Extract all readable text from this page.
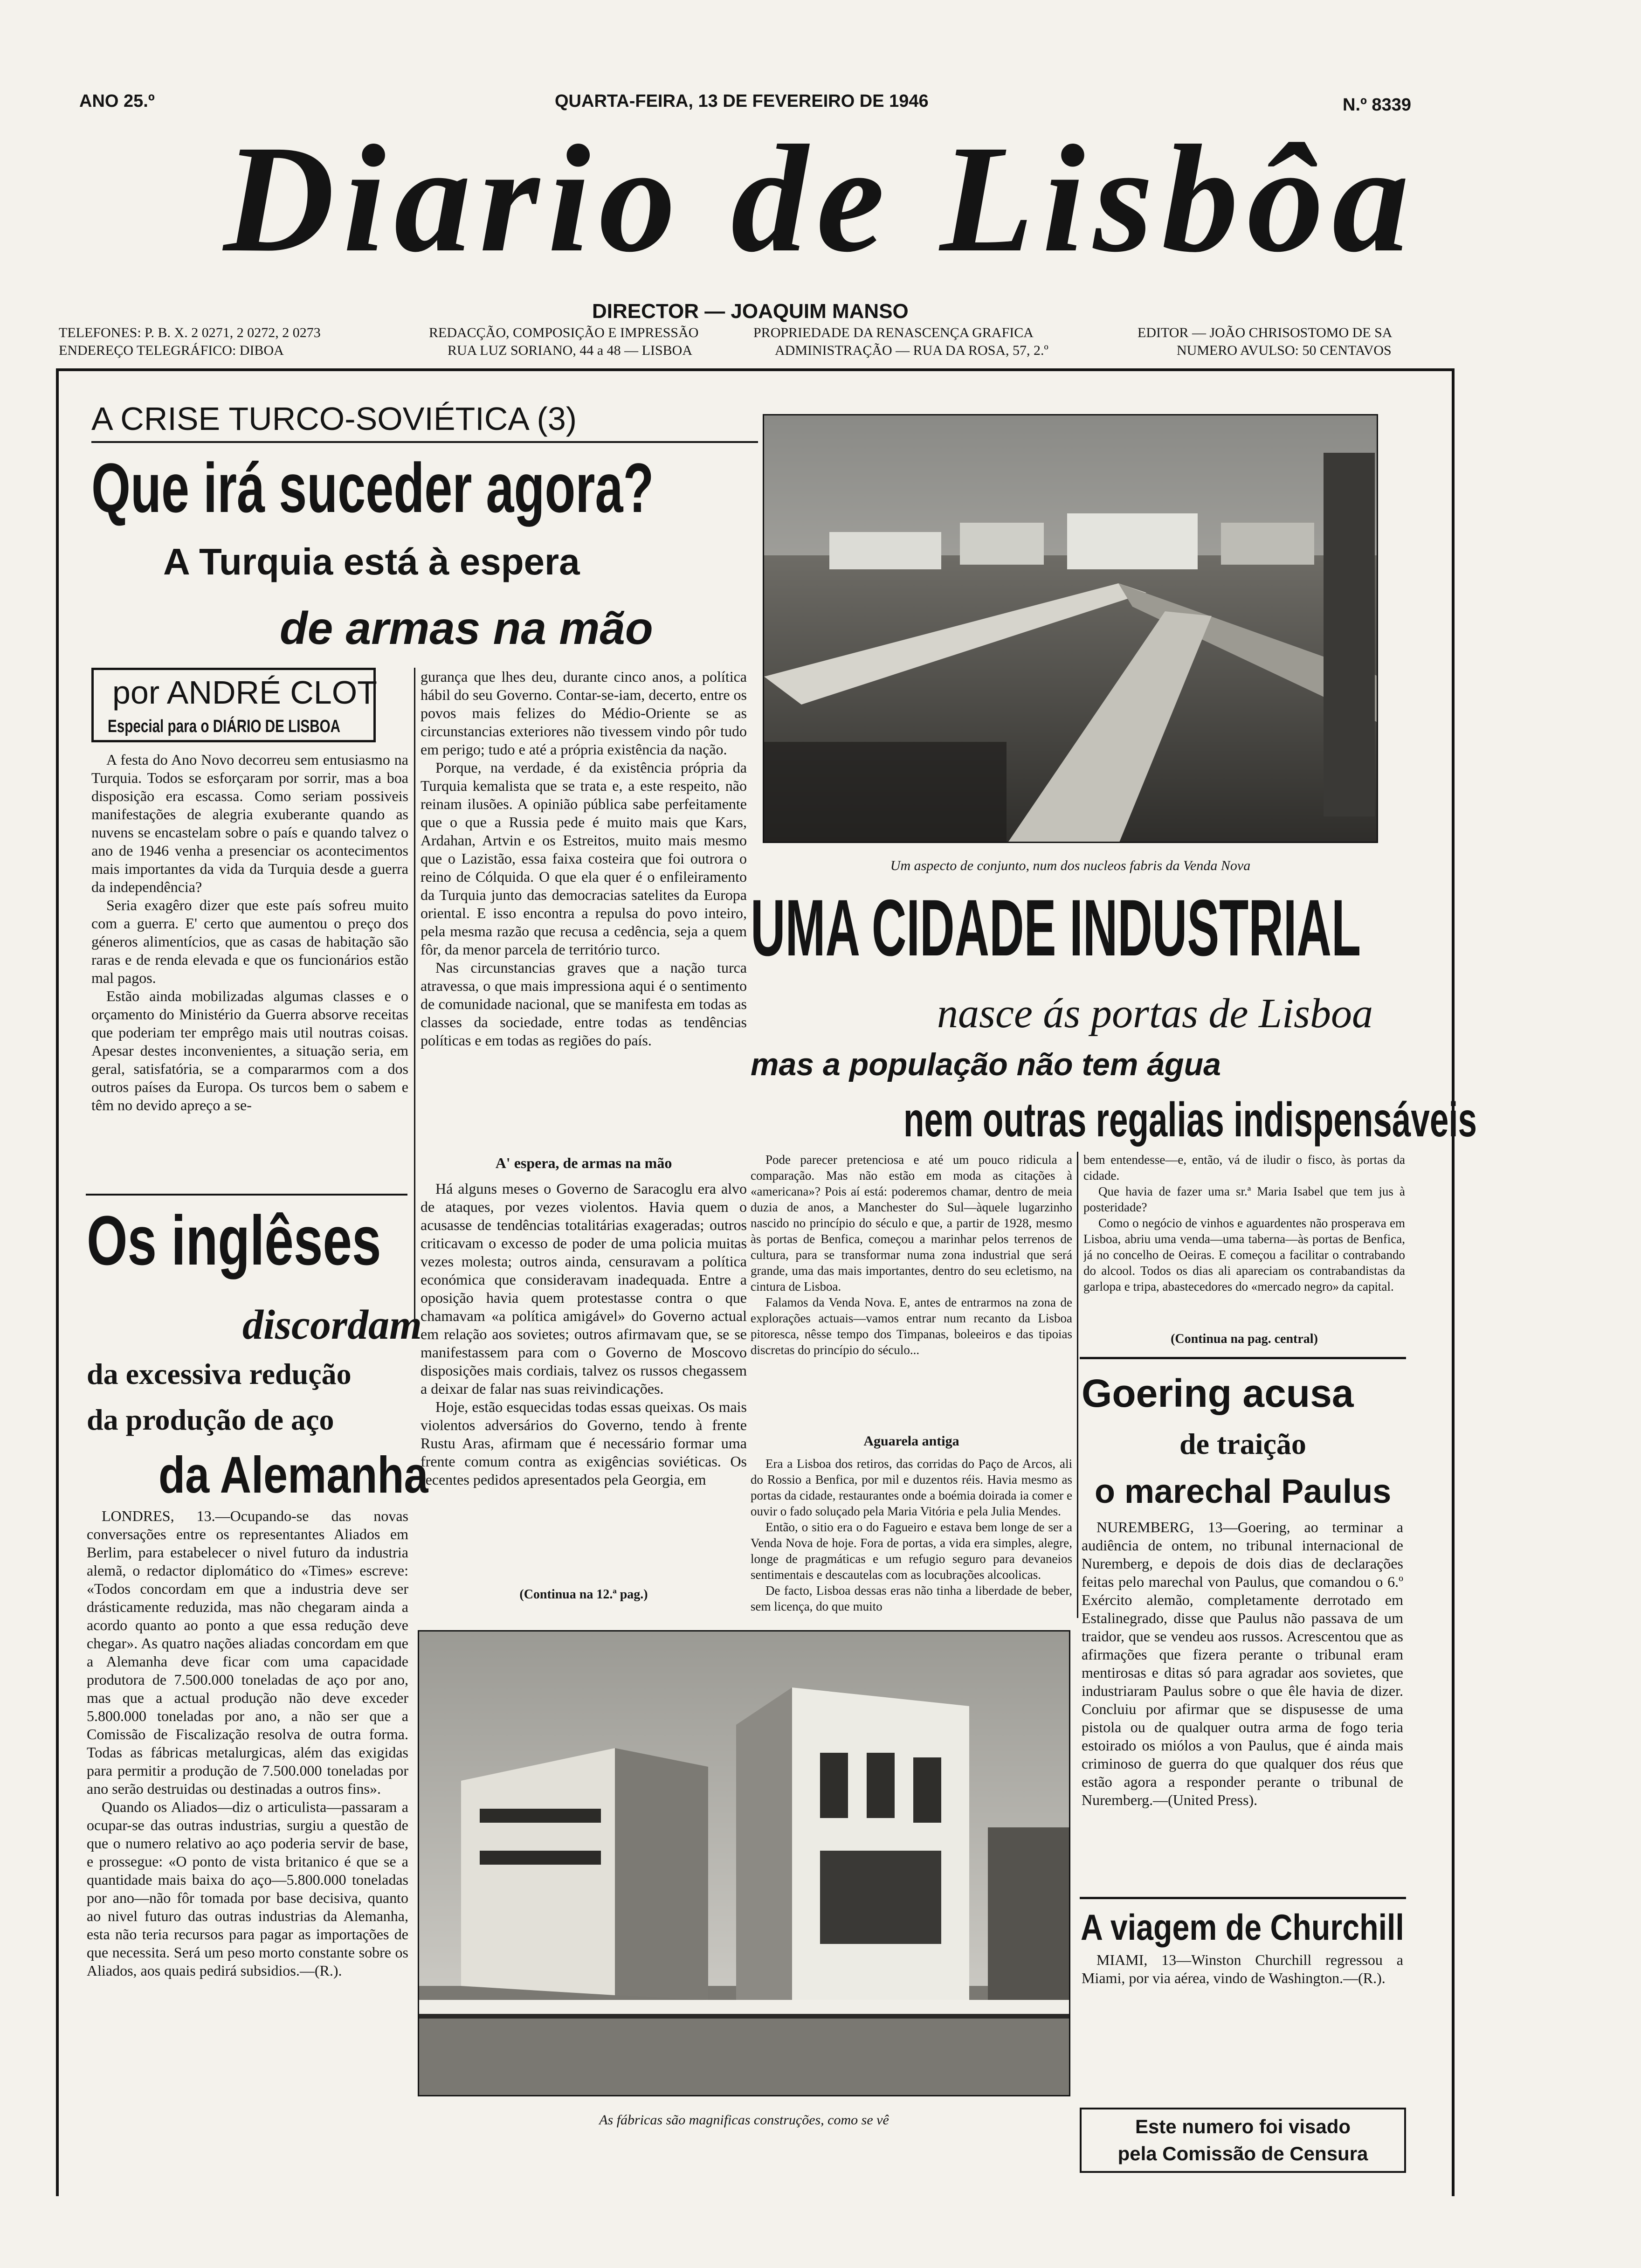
ANO 25.º	QUARTA-FEIRA, 13 DE FEVEREIRO DE 1946	N.º 8339
Diario de Lisbôa
DIRECTOR — JOAQUIM MANSO
TELEFONES: P. B. X. 2 0271, 2 0272, 2 0273
ENDEREÇO TELEGRÁFICO: DIBOA
REDACÇÃO, COMPOSIÇÃO E IMPRESSÃO
RUA LUZ SORIANO, 44 a 48 — LISBOA
PROPRIEDADE DA RENASCENÇA GRAFICA
ADMINISTRAÇÃO — RUA DA ROSA, 57, 2.º
EDITOR — JOÃO CHRISOSTOMO DE SA
NUMERO AVULSO: 50 CENTAVOS
A CRISE TURCO-SOVIÉTICA (3)
Que irá suceder agora?
A Turquia está à espera
de armas na mão
por ANDRÉ CLOT
Especial para o DIÁRIO DE LISBOA

A festa do Ano Novo decorreu sem entusiasmo na Turquia. Todos se esforçaram por sorrir, mas a boa disposição era escassa. Como seriam possiveis manifestações de alegria exuberante quando as nuvens se encastelam sobre o país e quando talvez o ano de 1946 venha a presenciar os acontecimentos mais importantes da vida da Turquia desde a guerra da independência?

Seria exagêro dizer que este país sofreu muito com a guerra. E' certo que aumentou o preço dos géneros alimentícios, que as casas de habitação são raras e de renda elevada e que os funcionários estão mal pagos.

Estão ainda mobilizadas algumas classes e o orçamento do Ministério da Guerra absorve receitas que poderiam ter emprêgo mais util noutras coisas. Apesar destes inconvenientes, a situação seria, em geral, satisfatória, se a compararmos com a dos outros países da Europa. Os turcos bem o sabem e têm no devido apreço a se-

gurança que lhes deu, durante cinco anos, a política hábil do seu Governo. Contar-se-iam, decerto, entre os povos mais felizes do Médio-Oriente se as circunstancias exteriores não tivessem vindo pôr tudo em perigo; tudo e até a própria existência da nação.

Porque, na verdade, é da existência própria da Turquia kemalista que se trata e, a este respeito, não reinam ilusões. A opinião pública sabe perfeitamente que o que a Russia pede é muito mais que Kars, Ardahan, Artvin e os Estreitos, muito mais mesmo que o Lazistão, essa faixa costeira que foi outrora o reino de Cólquida. O que ela quer é o enfileiramento da Turquia junto das democracias satelites da Europa oriental. E isso encontra a repulsa do povo inteiro, pela mesma razão que recusa a cedência, seja a quem fôr, da menor parcela de território turco.

Nas circunstancias graves que a nação turca atravessa, o que mais impressiona aqui é o sentimento de comunidade nacional, que se manifesta em todas as classes da sociedade, entre todas as tendências políticas e em todas as regiões do país.

A' espera, de armas na mão

Há alguns meses o Governo de Saracoglu era alvo de ataques, por vezes violentos. Havia quem o acusasse de tendências totalitárias exageradas; outros criticavam o excesso de poder de uma policia muitas vezes molesta; outros ainda, censuravam a política económica que consideravam inadequada. Entre a oposição havia quem protestasse contra o que chamavam «a política amigável» do Governo actual em relação aos sovietes; outros afirmavam que, se se manifestassem para com o Governo de Moscovo disposições mais cordiais, talvez os russos chegassem a deixar de falar nas suas reivindicações.

Hoje, estão esquecidas todas essas queixas. Os mais violentos adversários do Governo, tendo à frente Rustu Aras, afirmam que é necessário formar uma frente comum contra as exigências soviéticas. Os recentes pedidos apresentados pela Georgia, em

(Continua na 12.ª pag.)
Os inglêses
discordam
da excessiva redução
da produção de aço
da Alemanha

LONDRES, 13.—Ocupando-se das novas conversações entre os representantes Aliados em Berlim, para estabelecer o nivel futuro da industria alemã, o redactor diplomático do «Times» escreve: «Todos concordam em que a industria deve ser drásticamente reduzida, mas não chegaram ainda a acordo quanto ao ponto a que essa redução deve chegar». As quatro nações aliadas concordam em que a Alemanha deve ficar com uma capacidade produtora de 7.500.000 toneladas de aço por ano, mas que a actual produção não deve exceder 5.800.000 toneladas por ano, a não ser que a Comissão de Fiscalização resolva de outra forma. Todas as fábricas metalurgicas, além das exigidas para permitir a produção de 7.500.000 toneladas por ano serão destruidas ou destinadas a outros fins».

Quando os Aliados—diz o articulista—passaram a ocupar-se das outras industrias, surgiu a questão de que o numero relativo ao aço poderia servir de base, e prossegue: «O ponto de vista britanico é que se a quantidade mais baixa do aço—5.800.000 toneladas por ano—não fôr tomada por base decisiva, quanto ao nivel futuro das outras industrias da Alemanha, esta não teria recursos para pagar as importações de que necessita. Será um peso morto constante sobre os Aliados, aos quais pedirá subsidios.—(R.).

Um aspecto de conjunto, num dos nucleos fabris da Venda Nova
UMA CIDADE INDUSTRIAL
nasce ás portas de Lisboa
mas a população não tem água
nem outras regalias indispensáveis

Pode parecer pretenciosa e até um pouco ridicula a comparação. Mas não estão em moda as citações à «americana»? Pois aí está: poderemos chamar, dentro de meia duzia de anos, a Manchester do Sul—àquele lugarzinho nascido no princípio do século e que, a partir de 1928, mesmo às portas de Benfica, começou a marinhar pelos terrenos de cultura, para se transformar numa zona industrial que será grande, uma das mais importantes, dentro do seu ecletismo, na cintura de Lisboa.

Falamos da Venda Nova. E, antes de entrarmos na zona de explorações actuais—vamos entrar num recanto da Lisboa pitoresca, nêsse tempo dos Timpanas, boleeiros e das tipoias discretas do princípio do século...

Aguarela antiga

Era a Lisboa dos retiros, das corridas do Paço de Arcos, ali do Rossio a Benfica, por mil e duzentos réis. Havia mesmo as portas da cidade, restaurantes onde a boémia doirada ia comer e ouvir o fado soluçado pela Maria Vitória e pela Julia Mendes.

Então, o sitio era o do Fagueiro e estava bem longe de ser a Venda Nova de hoje. Fora de portas, a vida era simples, alegre, longe de pragmáticas e um refugio seguro para devaneios sentimentais e descautelas com as locubrações alcoolicas.

De facto, Lisboa dessas eras não tinha a liberdade de beber, sem licença, do que muito

bem entendesse—e, então, vá de iludir o fisco, às portas da cidade.

Que havia de fazer uma sr.ª Maria Isabel que tem jus à posteridade?

Como o negócio de vinhos e aguardentes não prosperava em Lisboa, abriu uma venda—uma taberna—às portas de Benfica, já no concelho de Oeiras. E começou a facilitar o contrabando do alcool. Todos os dias ali apareciam os contrabandistas da garlopa e tripa, abastecedores do «mercado negro» da capital.

(Continua na pag. central)
Goering acusa
de traição
o marechal Paulus

NUREMBERG, 13—Goering, ao terminar a audiência de ontem, no tribunal internacional de Nuremberg, e depois de dois dias de declarações feitas pelo marechal von Paulus, que comandou o 6.º Exército alemão, completamente derrotado em Estalinegrado, disse que Paulus não passava de um traidor, que se vendeu aos russos. Acrescentou que as afirmações que fizera perante o tribunal eram mentirosas e ditas só para agradar aos sovietes, que industriaram Paulus sobre o que êle havia de dizer. Concluiu por afirmar que se dispusesse de uma pistola ou de qualquer outra arma de fogo teria estoirado os miólos a von Paulus, que é ainda mais criminoso de guerra do que qualquer dos réus que estão agora a responder perante o tribunal de Nuremberg.—(United Press).

A viagem de Churchill

MIAMI, 13—Winston Churchill regressou a Miami, por via aérea, vindo de Washington.—(R.).

Este numero foi visado
pela Comissão de Censura
As fábricas são magnificas construções, como se vê
